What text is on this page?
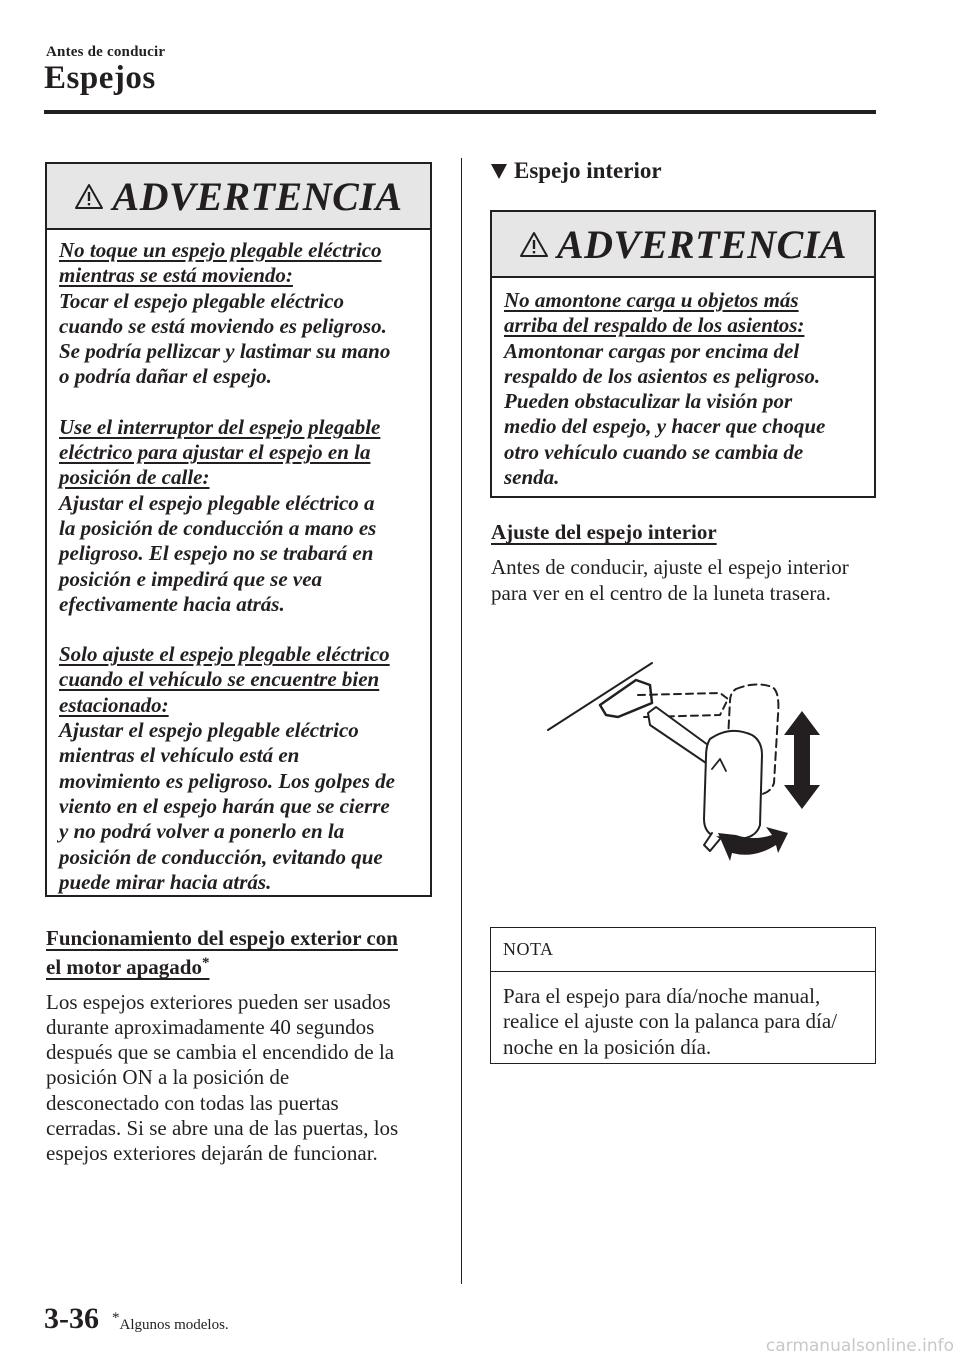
Antes de conducir
Espejos
ADVERTENCIA

No toque un espejo plegable eléctrico

mientras se está moviendo:

Tocar el espejo plegable eléctrico

cuando se está moviendo es peligroso.

Se podría pellizcar y lastimar su mano

o podría dañar el espejo.

Use el interruptor del espejo plegable

eléctrico para ajustar el espejo en la

posición de calle:

Ajustar el espejo plegable eléctrico a

la posición de conducción a mano es

peligroso. El espejo no se trabará en

posición e impedirá que se vea

efectivamente hacia atrás.

Solo ajuste el espejo plegable eléctrico

cuando el vehículo se encuentre bien

estacionado:

Ajustar el espejo plegable eléctrico

mientras el vehículo está en

movimiento es peligroso. Los golpes de

viento en el espejo harán que se cierre

y no podrá volver a ponerlo en la

posición de conducción, evitando que

puede mirar hacia atrás.

Funcionamiento del espejo exterior con
el motor apagado*
Los espejos exteriores pueden ser usados
durante aproximadamente 40 segundos
después que se cambia el encendido de la
posición ON a la posición de
desconectado con todas las puertas
cerradas. Si se abre una de las puertas, los
espejos exteriores dejarán de funcionar.
Espejo interior
ADVERTENCIA

No amontone carga u objetos más

arriba del respaldo de los asientos:

Amontonar cargas por encima del

respaldo de los asientos es peligroso.

Pueden obstaculizar la visión por

medio del espejo, y hacer que choque

otro vehículo cuando se cambia de

senda.

Ajuste del espejo interior
Antes de conducir, ajuste el espejo interior
para ver en el centro de la luneta trasera.
NOTA
Para el espejo para día/noche manual,
realice el ajuste con la palanca para día/
noche en la posición día.
3-36 *Algunos modelos.
carmanualsonline.info
